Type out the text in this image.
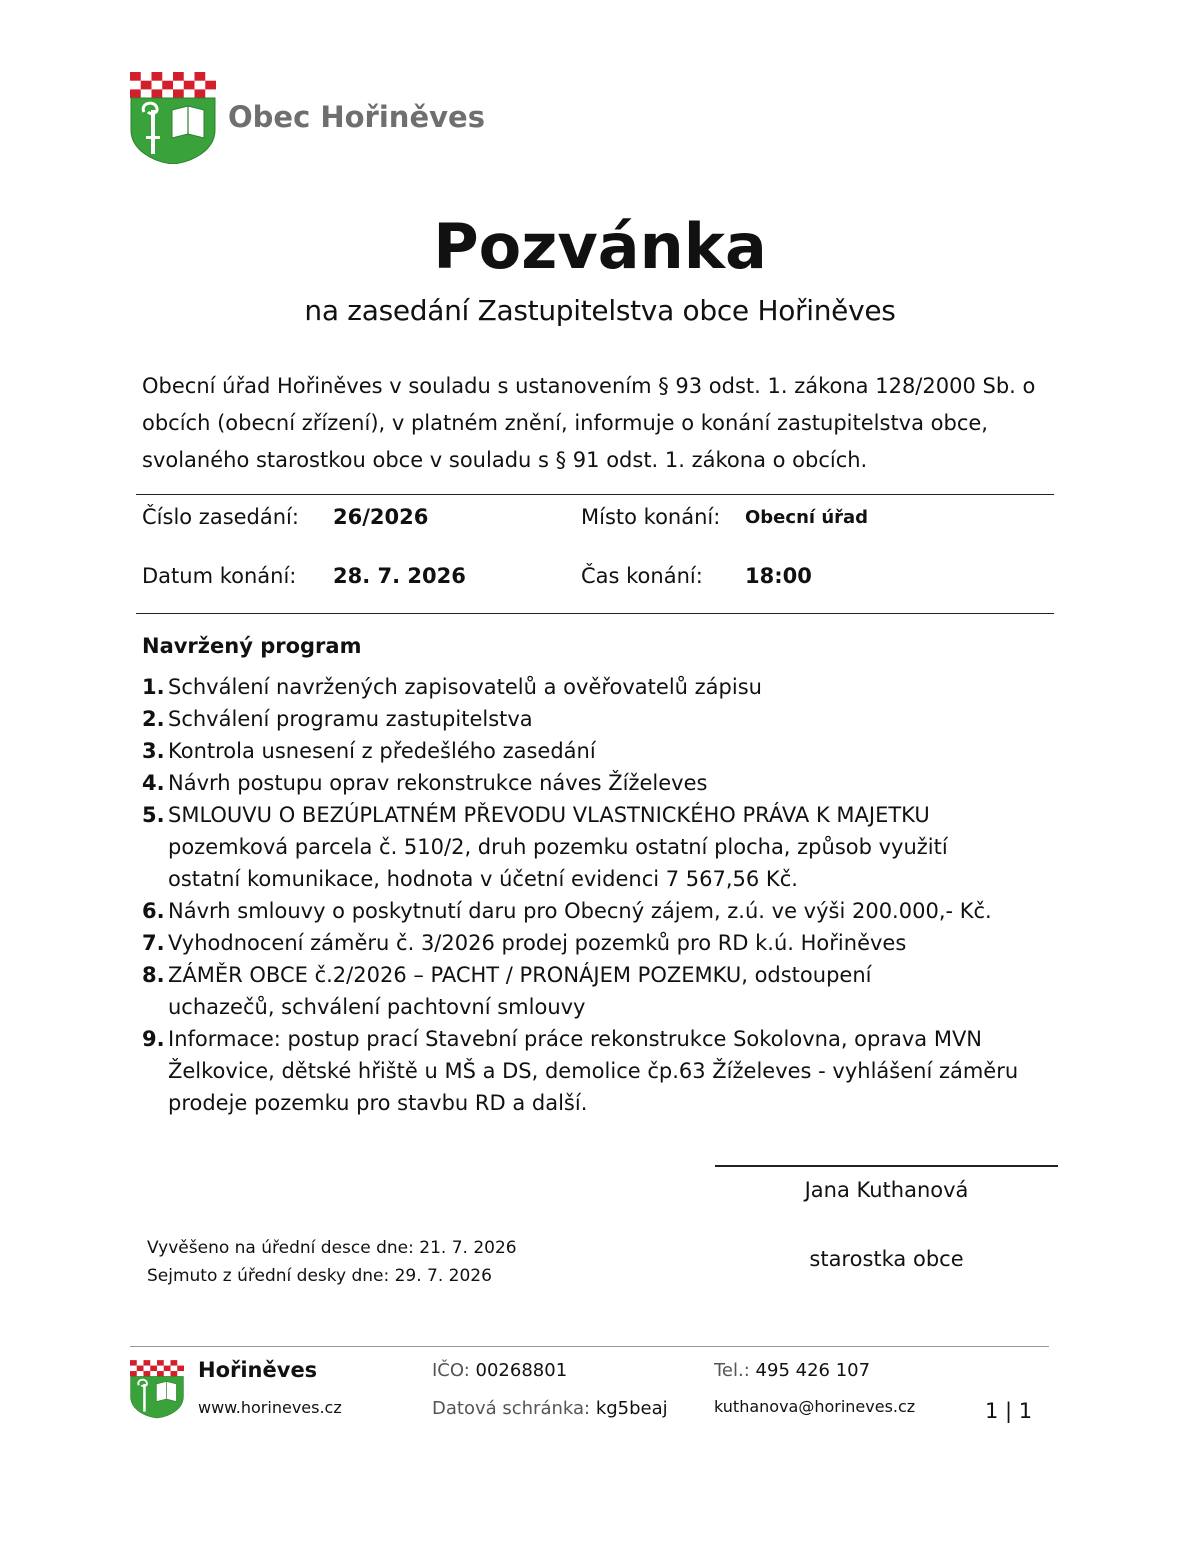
Obec Hořiněves
Pozvánka
na zasedání Zastupitelstva obce Hořiněves
Obecní úřad Hořiněves v souladu s ustanovením § 93 odst. 1. zákona 128/2000 Sb. o obcích (obecní zřízení), v platném znění, informuje o konání zastupitelstva obce, svolaného starostkou obce v souladu s § 91 odst. 1. zákona o obcích.
Číslo zasedání: 26/2026	Místo konání: Obecní úřad
Datum konání: 28. 7. 2026	Čas konání: 18:00
Navržený program
1. Schválení navržených zapisovatelů a ověřovatelů zápisu
2. Schválení programu zastupitelstva
3. Kontrola usnesení z předešlého zasedání
4. Návrh postupu oprav rekonstrukce náves Žíželeves
5. SMLOUVU O BEZÚPLATNÉM PŘEVODU VLASTNICKÉHO PRÁVA K MAJETKU pozemková parcela č. 510/2, druh pozemku ostatní plocha, způsob využití ostatní komunikace, hodnota v účetní evidenci 7 567,56 Kč.
6. Návrh smlouvy o poskytnutí daru pro Obecný zájem, z.ú. ve výši 200.000,- Kč.
7. Vyhodnocení záměru č. 3/2026 prodej pozemků pro RD k.ú. Hořiněves
8. ZÁMĚR OBCE č.2/2026 – PACHT / PRONÁJEM POZEMKU, odstoupení uchazečů, schválení pachtovní smlouvy
9. Informace: postup prací Stavební práce rekonstrukce Sokolovna, oprava MVN Želkovice, dětské hřiště u MŠ a DS, demolice čp.63 Žíželeves - vyhlášení záměru prodeje pozemku pro stavbu RD a další.
Jana Kuthanová
starostka obce
Vyvěšeno na úřední desce dne: 21. 7. 2026
Sejmuto z úřední desky dne: 29. 7. 2026
Hořiněves
www.horineves.cz
IČO: 00268801
Datová schránka: kg5beaj
Tel.: 495 426 107
kuthanova@horineves.cz	1 | 1
